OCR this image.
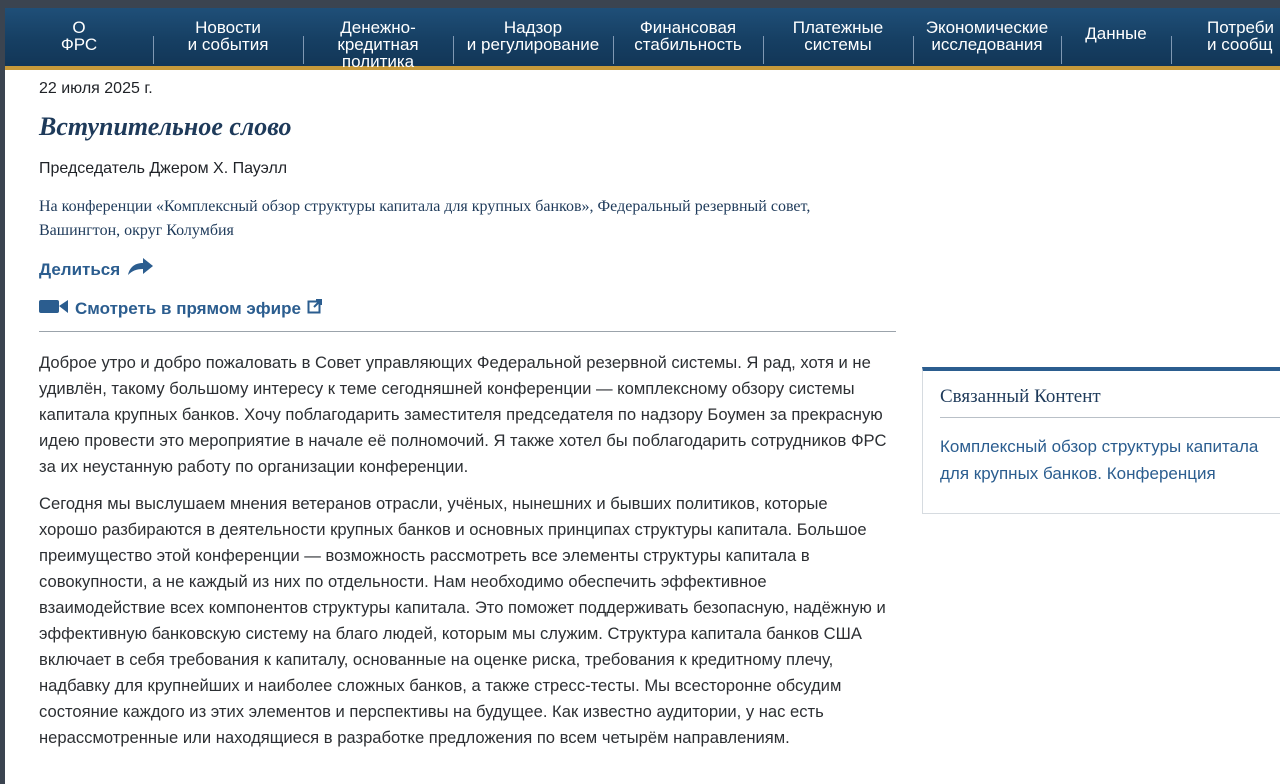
О
ФРС
Новости
и события
Денежно-
кредитная
политика
Надзор
и регулирование
Финансовая
стабильность
Платежные
системы
Экономические
исследования
Данные	Потреби
и сообщ
22 июля 2025 г.
Вступительное слово
Председатель Джером Х. Пауэлл
На конференции «Комплексный обзор структуры капитала для крупных банков», Федеральный резервный совет, Вашингтон, округ Колумбия
Делиться
Смотреть в прямом эфире

Доброе утро и добро пожаловать в Совет управляющих Федеральной резервной системы. Я рад, хотя и не удивлён, такому большому интересу к теме сегодняшней конференции — комплексному обзору системы капитала крупных банков. Хочу поблагодарить заместителя председателя по надзору Боумен за прекрасную идею провести это мероприятие в начале её полномочий. Я также хотел бы поблагодарить сотрудников ФРС за их неустанную работу по организации конференции.

Сегодня мы выслушаем мнения ветеранов отрасли, учёных, нынешних и бывших политиков, которые хорошо разбираются в деятельности крупных банков и основных принципах структуры капитала. Большое преимущество этой конференции — возможность рассмотреть все элементы структуры капитала в совокупности, а не каждый из них по отдельности. Нам необходимо обеспечить эффективное взаимодействие всех компонентов структуры капитала. Это поможет поддерживать безопасную, надёжную и эффективную банковскую систему на благо людей, которым мы служим. Структура капитала банков США включает в себя требования к капиталу, основанные на оценке риска, требования к кредитному плечу, надбавку для крупнейших и наиболее сложных банков, а также стресс-тесты. Мы всесторонне обсудим состояние каждого из этих элементов и перспективы на будущее. Как известно аудитории, у нас есть нерассмотренные или находящиеся в разработке предложения по всем четырём направлениям.

Связанный Контент
Комплексный обзор структуры капитала для крупных банков. Конференция
